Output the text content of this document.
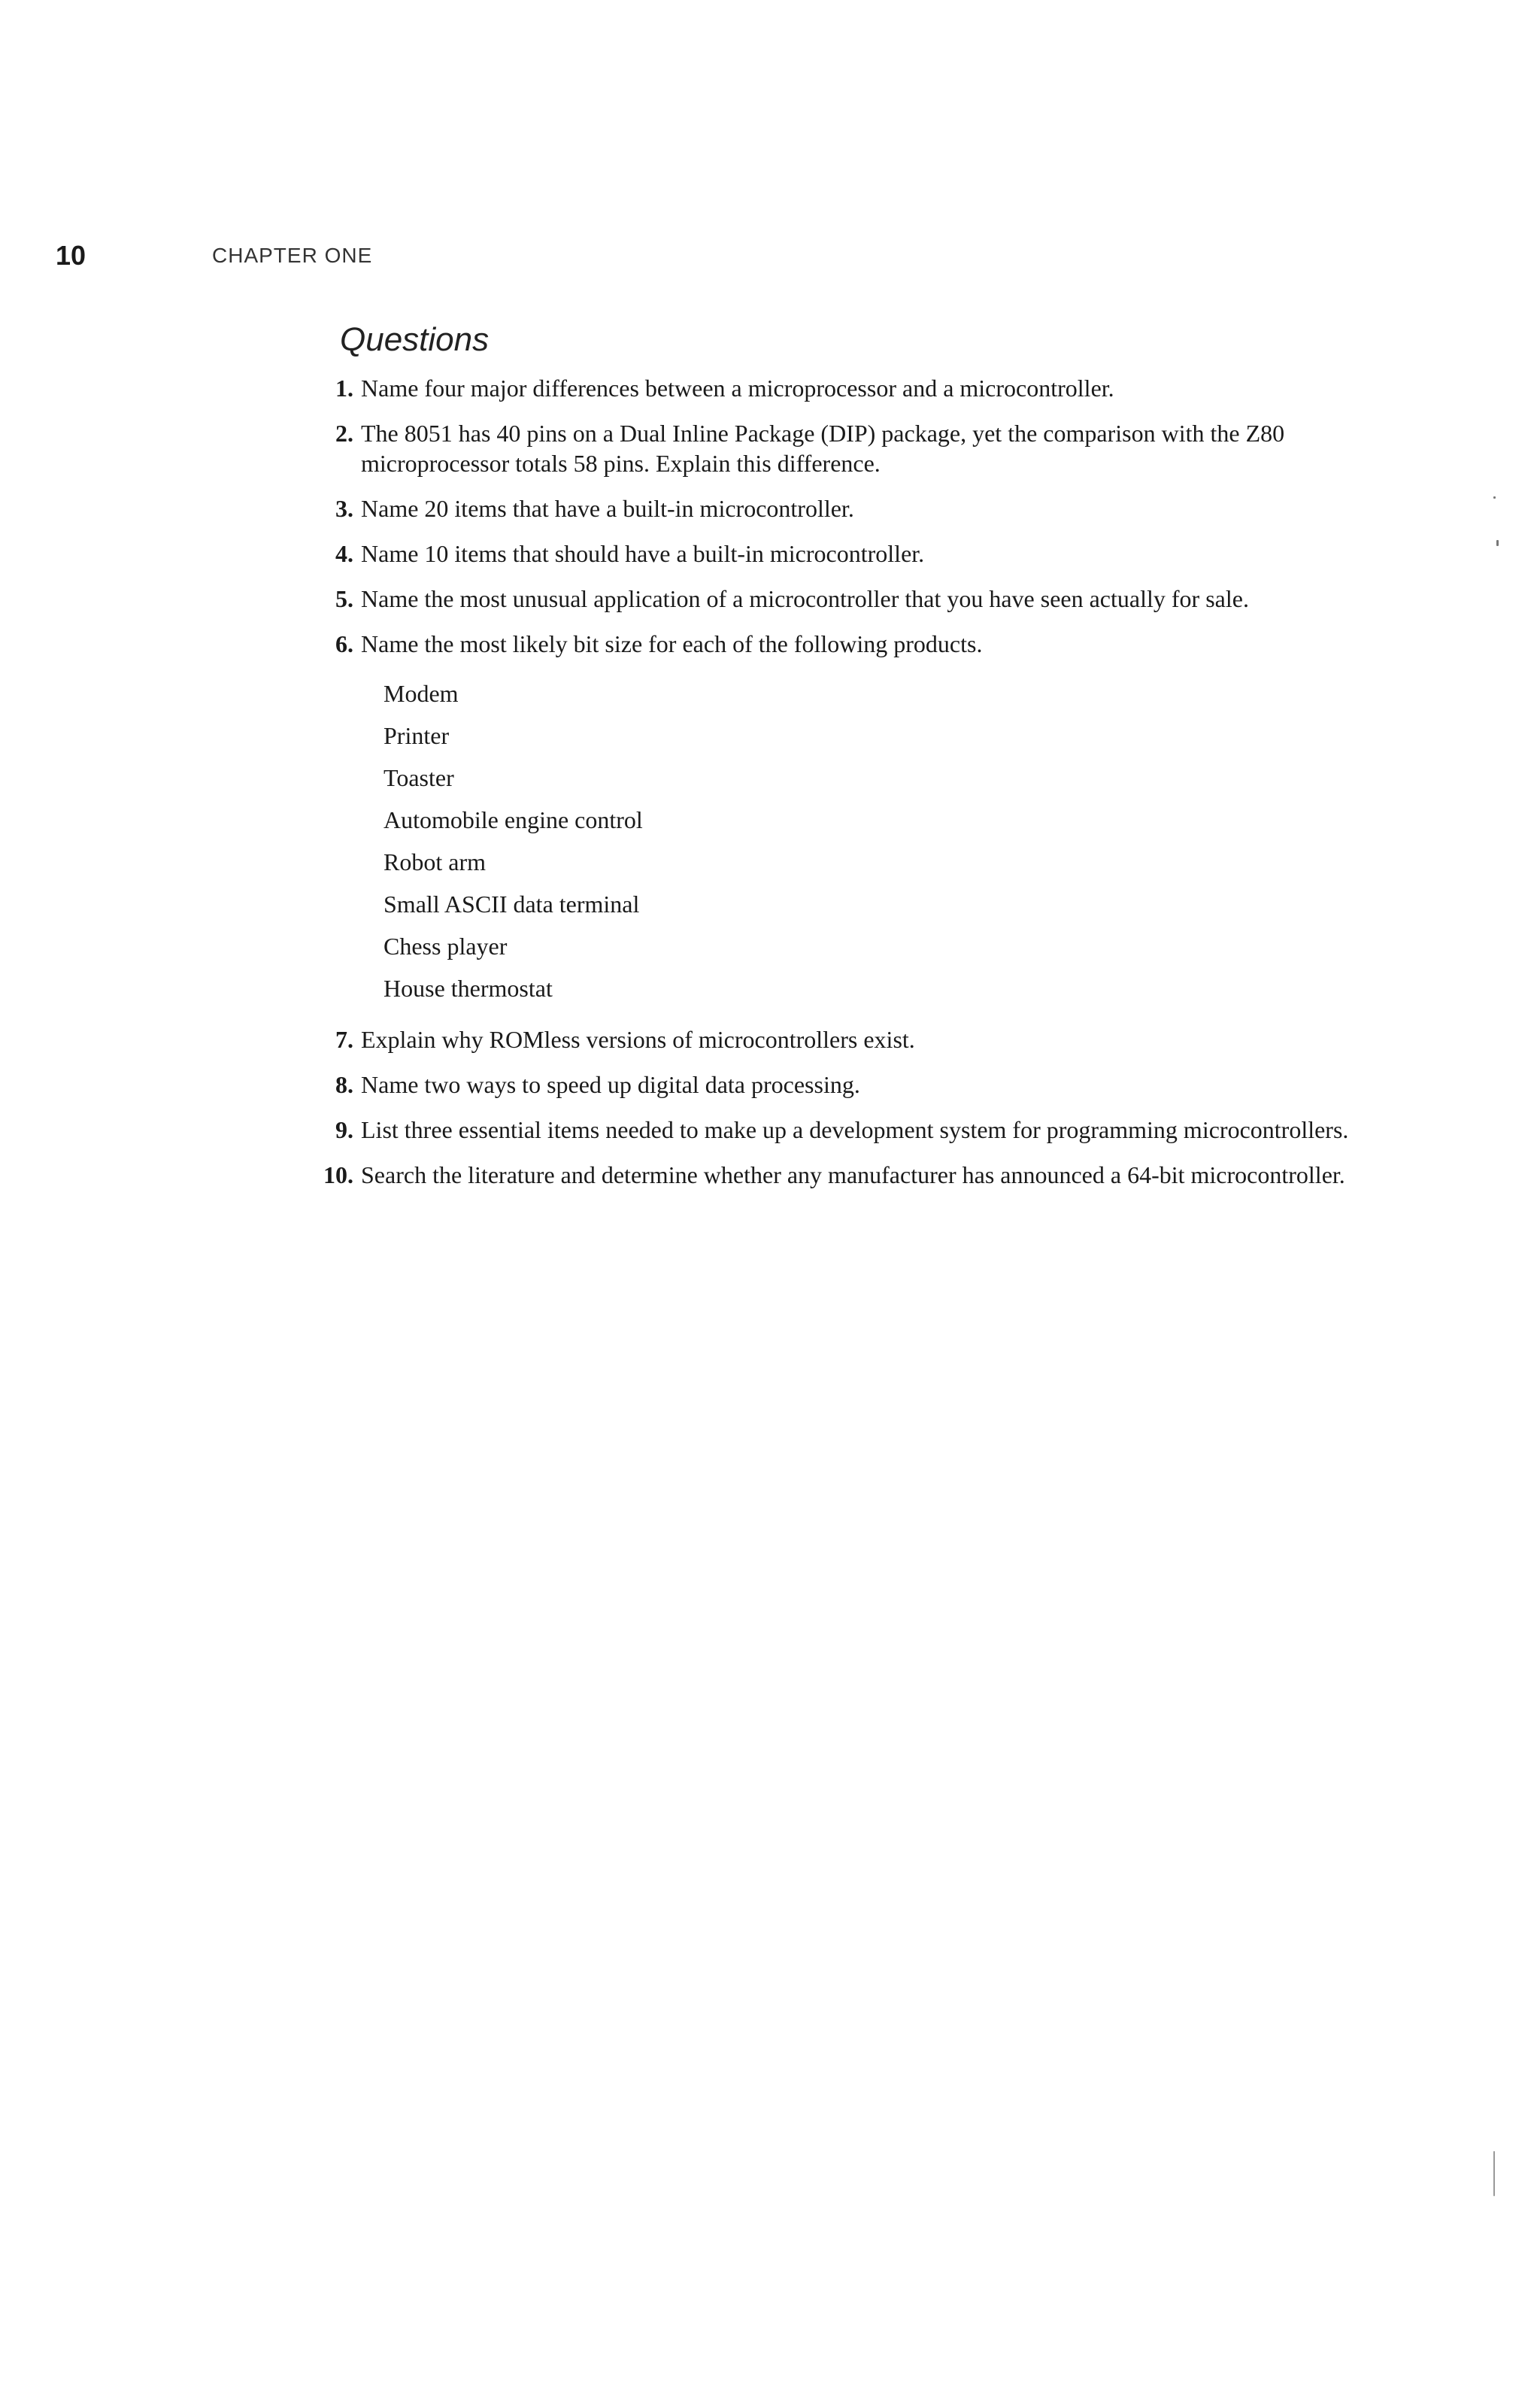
10	CHAPTER ONE
Questions
1. Name four major differences between a microprocessor and a microcontroller.
2. The 8051 has 40 pins on a Dual Inline Package (DIP) package, yet the comparison with the Z80 microprocessor totals 58 pins. Explain this difference.
3. Name 20 items that have a built-in microcontroller.
4. Name 10 items that should have a built-in microcontroller.
5. Name the most unusual application of a microcontroller that you have seen actually for sale.
6. Name the most likely bit size for each of the following products.
Modem
Printer
Toaster
Automobile engine control
Robot arm
Small ASCII data terminal
Chess player
House thermostat
7. Explain why ROMless versions of microcontrollers exist.
8. Name two ways to speed up digital data processing.
9. List three essential items needed to make up a development system for programming microcontrollers.
10. Search the literature and determine whether any manufacturer has announced a 64-bit microcontroller.
